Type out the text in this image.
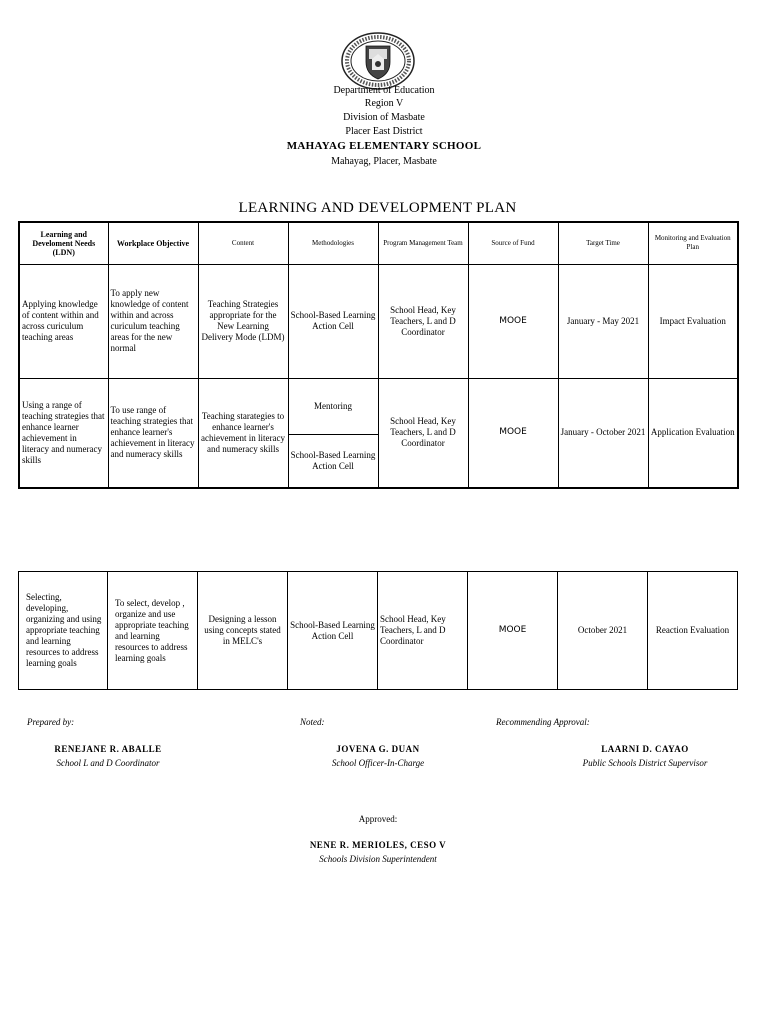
Department of Education
Region V
Division of Masbate
Placer East District
MAHAYAG ELEMENTARY SCHOOL
Mahayag, Placer, Masbate
LEARNING AND DEVELOPMENT PLAN
Learning and Develoment Needs (LDN)	Workplace Objective	Content	Methodologies	Program Management Team	Source of Fund	Target Time	Monitoring and Evaluation Plan
Applying knowledge of content within and across curiculum teaching areas	To apply new knowledge of content within and across curiculum teaching areas for the new normal	Teaching Strategies appropriate for the New Learning Delivery Mode (LDM)	School-Based Learning Action Cell	School Head, Key Teachers, L and D Coordinator	MOOE	January - May 2021	Impact Evaluation
Using a range of teaching strategies that enhance learner achievement in literacy and numeracy skills	To use range of teaching strategies that enhance learner's achievement in literacy and numeracy skills	Teaching starategies to enhance learner's achievement in literacy and numeracy skills	Mentoring	School Head, Key Teachers, L and D Coordinator	MOOE	January - October 2021	Application Evaluation
			School-Based Learning Action Cell				
Selecting, developing, organizing and using appropriate teaching and learning resources to address learning goals	To select, develop , organize and use appropriate teaching and learning resources to address learning goals	Designing a lesson using concepts stated in MELC's	School-Based Learning Action Cell	School Head, Key Teachers, L and D Coordinator	MOOE	October 2021	Reaction Evaluation
Prepared by:	Noted:	Recommending Approval:
RENEJANE R. ABALLE
School L and D Coordinator
JOVENA G. DUAN
School Officer-In-Charge
LAARNI D. CAYAO
Public Schools District Supervisor
Approved:
NENE R. MERIOLES, CESO V
Schools Division Superintendent
